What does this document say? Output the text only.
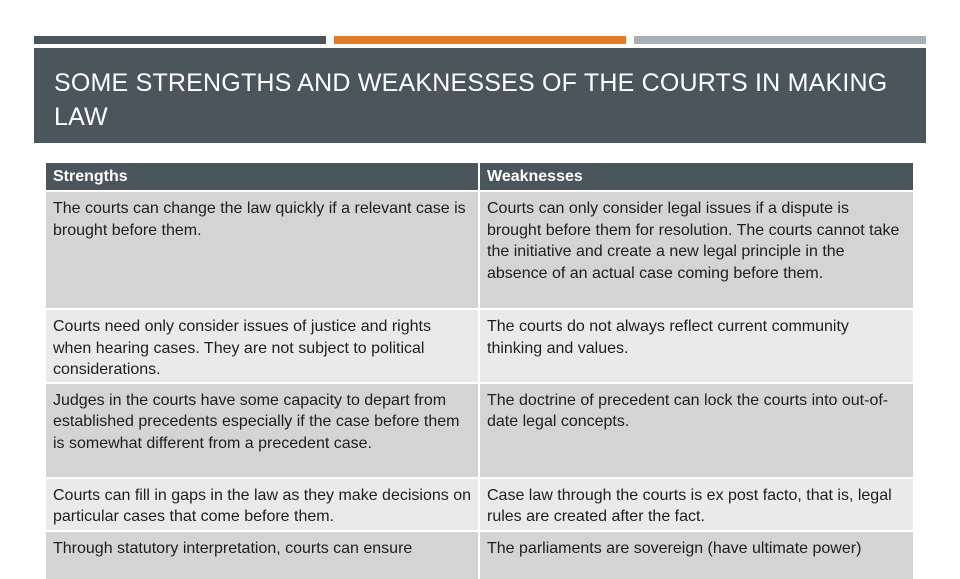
SOME STRENGTHS AND WEAKNESSES OF THE COURTS IN MAKING LAW
Strengths	Weaknesses
The courts can change the law quickly if a relevant case is brought before them.	Courts can only consider legal issues if a dispute is brought before them for resolution. The courts cannot take the initiative and create a new legal principle in the absence of an actual case coming before them.
Courts need only consider issues of justice and rights when hearing cases. They are not subject to political considerations.	The courts do not always reflect current community thinking and values.
Judges in the courts have some capacity to depart from established precedents especially if the case before them is somewhat different from a precedent case.	The doctrine of precedent can lock the courts into out-of-date legal concepts.
Courts can fill in gaps in the law as they make decisions on particular cases that come before them.	Case law through the courts is ex post facto, that is, legal rules are created after the fact.
Through statutory interpretation, courts can ensure	The parliaments are sovereign (have ultimate power)
